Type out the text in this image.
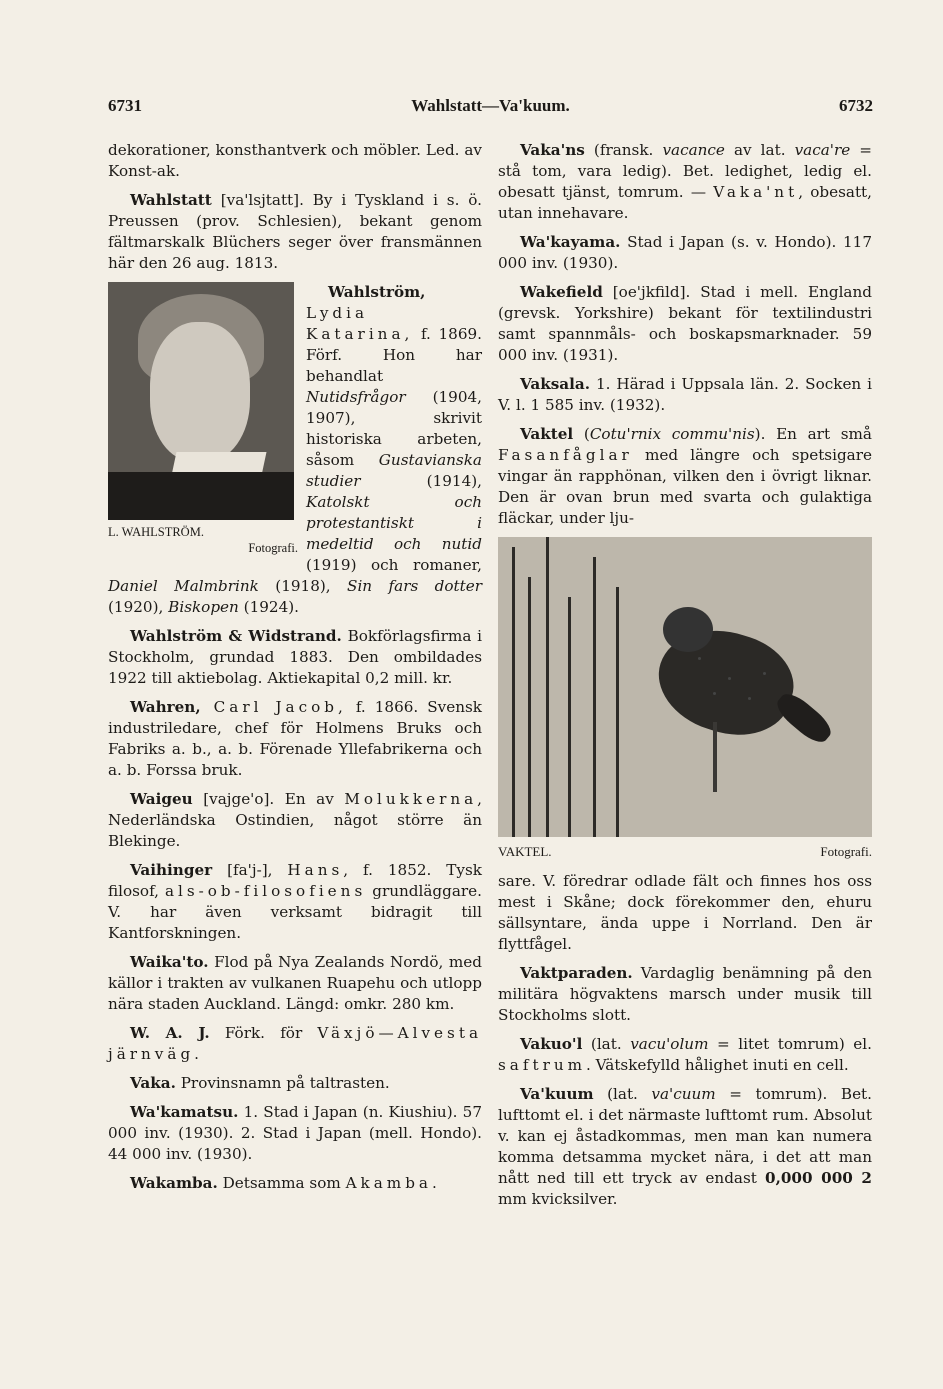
6731	Wahlstatt—Va'kuum.	6732

dekorationer, konsthantverk och möbler. Led. av Konst-ak.

Wahlstatt [va'lsjtatt]. By i Tyskland i s. ö. Preussen (prov. Schlesien), bekant genom fältmarskalk Blüchers seger över fransmännen här den 26 aug. 1813.

L. WAHLSTRÖM.
Fotografi.

Wahlström, Lydia Katarina, f. 1869. Förf. Hon har behandlat Nutidsfrågor (1904, 1907), skrivit historiska arbeten, såsom Gustavianska studier (1914), Katolskt och protestantiskt i medeltid och nutid (1919) och romaner, Daniel Malmbrink (1918), Sin fars dotter (1920), Biskopen (1924).

Wahlström & Widstrand. Bokförlagsfirma i Stockholm, grundad 1883. Den ombildades 1922 till aktiebolag. Aktiekapital 0,2 mill. kr.

Wahren, Carl Jacob, f. 1866. Svensk industriledare, chef för Holmens Bruks och Fabriks a. b., a. b. Förenade Yllefabrikerna och a. b. Forssa bruk.

Waigeu [vajge'o]. En av Molukkerna, Nederländska Ostindien, något större än Blekinge.

Vaihinger [fa'j-], Hans, f. 1852. Tysk filosof, als-ob-filosofiens grundläggare. V. har även verksamt bidragit till Kantforskningen.

Waika'to. Flod på Nya Zealands Nordö, med källor i trakten av vulkanen Ruapehu och utlopp nära staden Auckland. Längd: omkr. 280 km.

W. A. J. Förk. för Växjö—Alvesta järnväg.

Vaka. Provinsnamn på taltrasten.

Wa'kamatsu. 1. Stad i Japan (n. Kiushiu). 57 000 inv. (1930). 2. Stad i Japan (mell. Hondo). 44 000 inv. (1930).

Wakamba. Detsamma som Akamba.

Vaka'ns (fransk. vacance av lat. vaca're = stå tom, vara ledig). Bet. ledighet, ledig el. obesatt tjänst, tomrum. — Vaka'nt, obesatt, utan innehavare.

Wa'kayama. Stad i Japan (s. v. Hondo). 117 000 inv. (1930).

Wakefield [oe'jkfild]. Stad i mell. England (grevsk. Yorkshire) bekant för textilindustri samt spannmåls- och boskapsmarknader. 59 000 inv. (1931).

Vaksala. 1. Härad i Uppsala län. 2. Socken i V. l. 1 585 inv. (1932).

Vaktel (Cotu'rnix commu'nis). En art små Fasanfåglar med längre och spetsigare vingar än rapphönan, vilken den i övrigt liknar. Den är ovan brun med svarta och gulaktiga fläckar, under lju-

VAKTEL.	Fotografi.

sare. V. föredrar odlade fält och finnes hos oss mest i Skåne; dock förekommer den, ehuru sällsyntare, ända uppe i Norrland. Den är flyttfågel.

Vaktparaden. Vardaglig benämning på den militära högvaktens marsch under musik till Stockholms slott.

Vakuo'l (lat. vacu'olum = litet tomrum) el. saftrum. Vätskefylld hålighet inuti en cell.

Va'kuum (lat. va'cuum = tomrum). Bet. lufttomt el. i det närmaste lufttomt rum. Absolut v. kan ej åstadkommas, men man kan numera komma detsamma mycket nära, i det att man nått ned till ett tryck av endast 0,000 000 2 mm kvicksilver.
